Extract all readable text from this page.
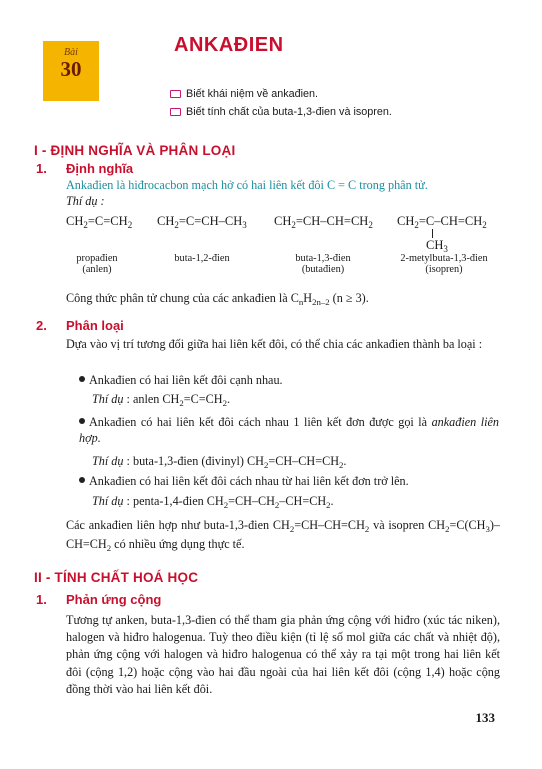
Bài
30
ANKAĐIEN
Biết khái niệm về ankađien.
Biết tính chất của buta-1,3-đien và isopren.
I - ĐỊNH NGHĨA VÀ PHÂN LOẠI
1. Định nghĩa
Ankađien là hiđrocacbon mạch hở có hai liên kết đôi C = C trong phân tử.
Thí dụ :
$CH_2=C=CH_2$ $CH_2=C=CH-CH_3$ $CH_2=CH-CH=CH_2$ $CH_2=C-CH=CH_2$
$CH_3$
propađien
(anlen)
buta-1,2-đien	buta-1,3-đien
(butađien)
2-metylbuta-1,3-đien
(isopren)
Công thức phân tử chung của các ankađien là $C_nH_{2n-2}$ (n ≥ 3).
2. Phân loại
Dựa vào vị trí tương đối giữa hai liên kết đôi, có thể chia các ankađien thành ba loại :
Ankađien có hai liên kết đôi cạnh nhau.
Thí dụ : anlen $CH_2=C=CH_2$.
Ankađien có hai liên kết đôi cách nhau 1 liên kết đơn được gọi là ankađien liên hợp.
Thí dụ : buta-1,3-đien (đivinyl) $CH_2=CH-CH=CH_2$.
Ankađien có hai liên kết đôi cách nhau từ hai liên kết đơn trở lên.
Thí dụ : penta-1,4-đien $CH_2=CH-CH_2-CH=CH_2$.
Các ankađien liên hợp như buta-1,3-đien $CH_2=CH-CH=CH_2$ và isopren $CH_2=C(CH_3)-CH=CH_2$ có nhiều ứng dụng thực tế.
II - TÍNH CHẤT HOÁ HỌC
1. Phản ứng cộng
Tương tự anken, buta-1,3-đien có thể tham gia phản ứng cộng với hiđro (xúc tác niken), halogen và hiđro halogenua. Tuỳ theo điều kiện (tỉ lệ số mol giữa các chất và nhiệt độ), phản ứng cộng với halogen và hiđro halogenua có thể xảy ra tại một trong hai liên kết đôi (cộng 1,2) hoặc cộng vào hai đầu ngoài của hai liên kết đôi (cộng 1,4) hoặc cộng đồng thời vào hai liên kết đôi.
133
